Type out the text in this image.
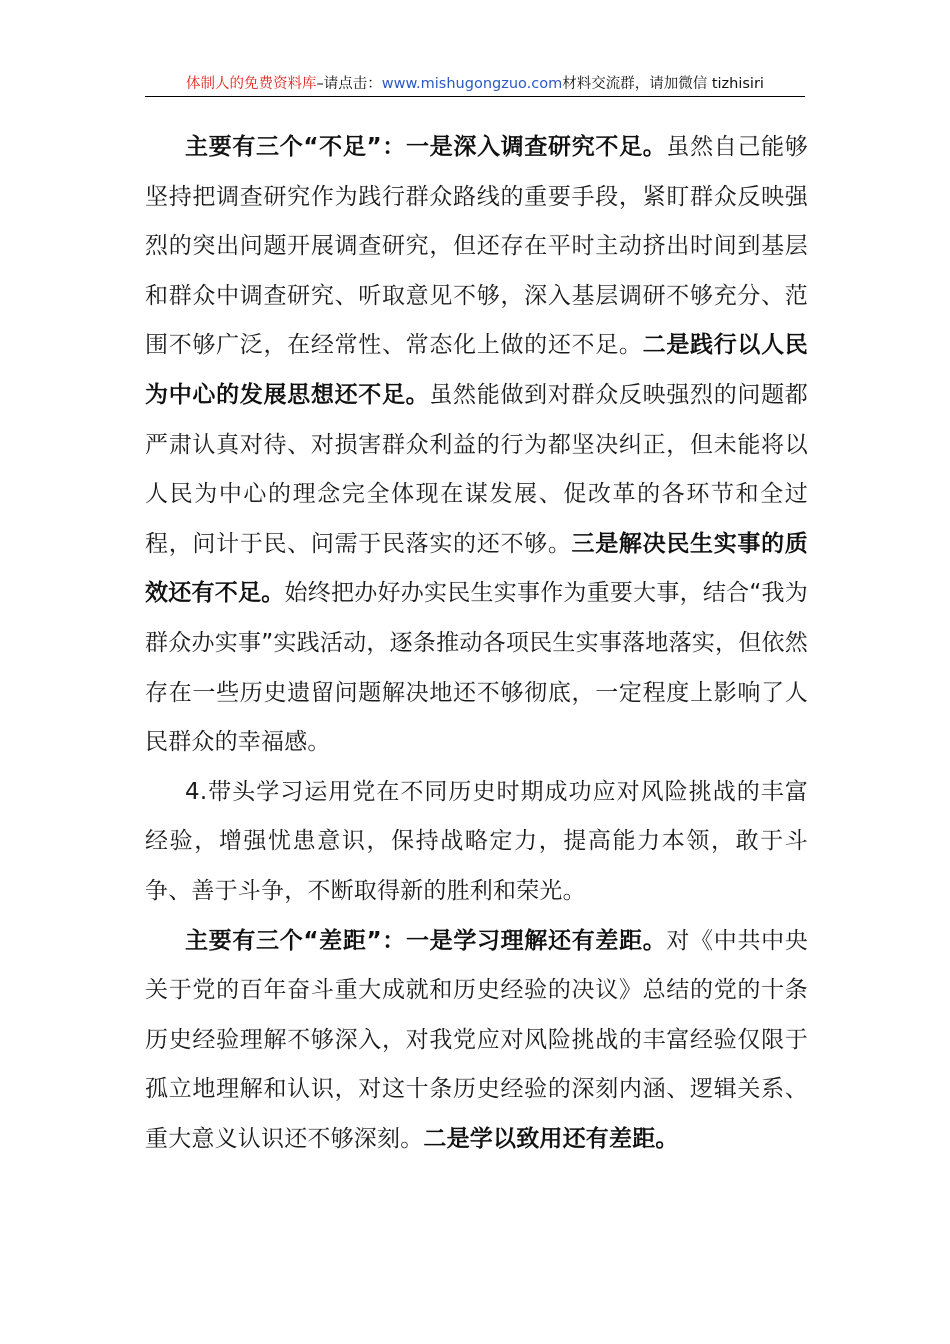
体制人的免费资料库 –请点击： www.mishugongzuo.com 材料交流群，请加微信 tizhisiri

主要有三个“不足”：一是深入调查研究不足。虽然自己能够坚持把调查研究作为践行群众路线的重要手段，紧盯群众反映强烈的突出问题开展调查研究，但还存在平时主动挤出时间到基层和群众中调查研究、听取意见不够，深入基层调研不够充分、范围不够广泛，在经常性、常态化上做的还不足。二是践行以人民为中心的发展思想还不足。虽然能做到对群众反映强烈的问题都严肃认真对待、对损害群众利益的行为都坚决纠正，但未能将以人民为中心的理念完全体现在谋发展、促改革的各环节和全过程，问计于民、问需于民落实的还不够。三是解决民生实事的质效还有不足。始终把办好办实民生实事作为重要大事，结合“我为群众办实事”实践活动，逐条推动各项民生实事落地落实，但依然存在一些历史遗留问题解决地还不够彻底，一定程度上影响了人民群众的幸福感。

4.带头学习运用党在不同历史时期成功应对风险挑战的丰富经验，增强忧患意识，保持战略定力，提高能力本领，敢于斗争、善于斗争，不断取得新的胜利和荣光。

主要有三个“差距”：一是学习理解还有差距。对《中共中央关于党的百年奋斗重大成就和历史经验的决议》总结的党的十条历史经验理解不够深入，对我党应对风险挑战的丰富经验仅限于孤立地理解和认识，对这十条历史经验的深刻内涵、逻辑关系、重大意义认识还不够深刻。二是学以致用还有差距。
